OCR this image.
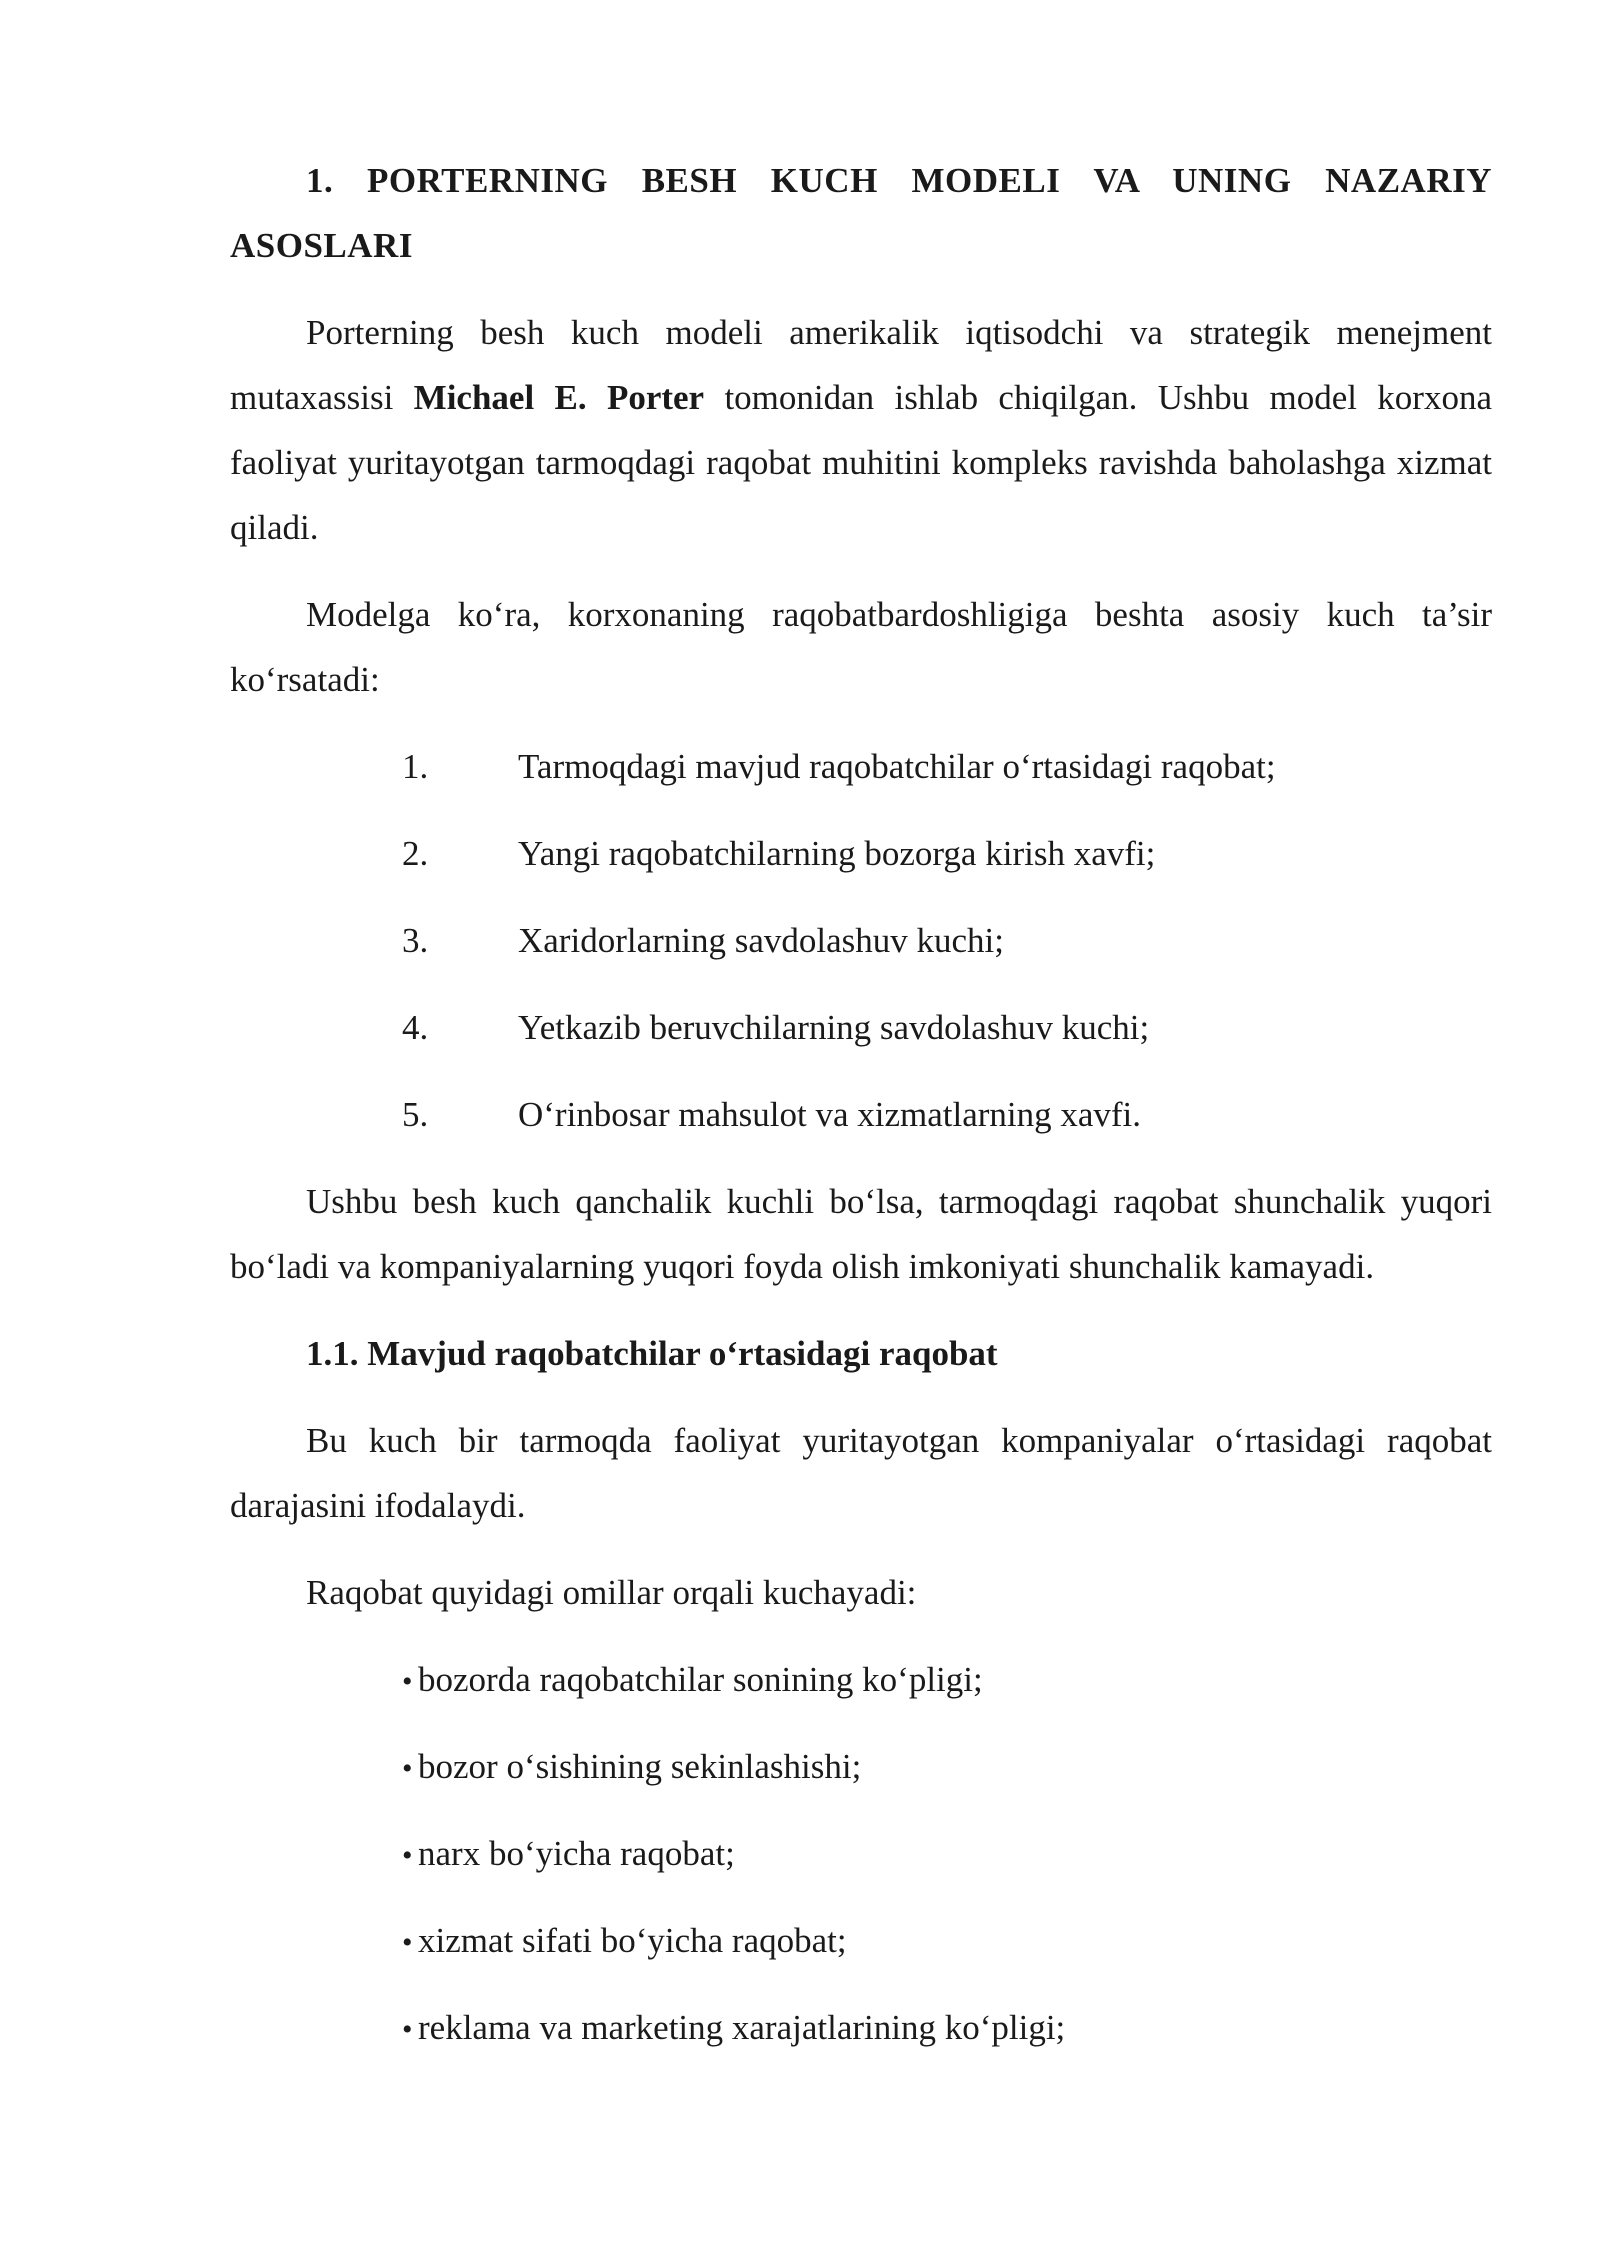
1. PORTERNING BESH KUCH MODELI VA UNING NAZARIY ASOSLARI

Porterning besh kuch modeli amerikalik iqtisodchi va strategik menejment mutaxassisi Michael E. Porter tomonidan ishlab chiqilgan. Ushbu model korxona faoliyat yuritayotgan tarmoqdagi raqobat muhitini kompleks ravishda baholashga xizmat qiladi.

Modelga ko‘ra, korxonaning raqobatbardoshligiga beshta asosiy kuch ta’sir ko‘rsatadi:

1.	Tarmoqdagi mavjud raqobatchilar o‘rtasidagi raqobat;
2.	Yangi raqobatchilarning bozorga kirish xavfi;
3.	Xaridorlarning savdolashuv kuchi;
4.	Yetkazib beruvchilarning savdolashuv kuchi;
5.	O‘rinbosar mahsulot va xizmatlarning xavfi.

Ushbu besh kuch qanchalik kuchli bo‘lsa, tarmoqdagi raqobat shunchalik yuqori bo‘ladi va kompaniyalarning yuqori foyda olish imkoniyati shunchalik kamayadi.

1.1. Mavjud raqobatchilar o‘rtasidagi raqobat

Bu kuch bir tarmoqda faoliyat yuritayotgan kompaniyalar o‘rtasidagi raqobat darajasini ifodalaydi.

Raqobat quyidagi omillar orqali kuchayadi:

• bozorda raqobatchilar sonining ko‘pligi;
• bozor o‘sishining sekinlashishi;
• narx bo‘yicha raqobat;
• xizmat sifati bo‘yicha raqobat;
• reklama va marketing xarajatlarining ko‘pligi;
